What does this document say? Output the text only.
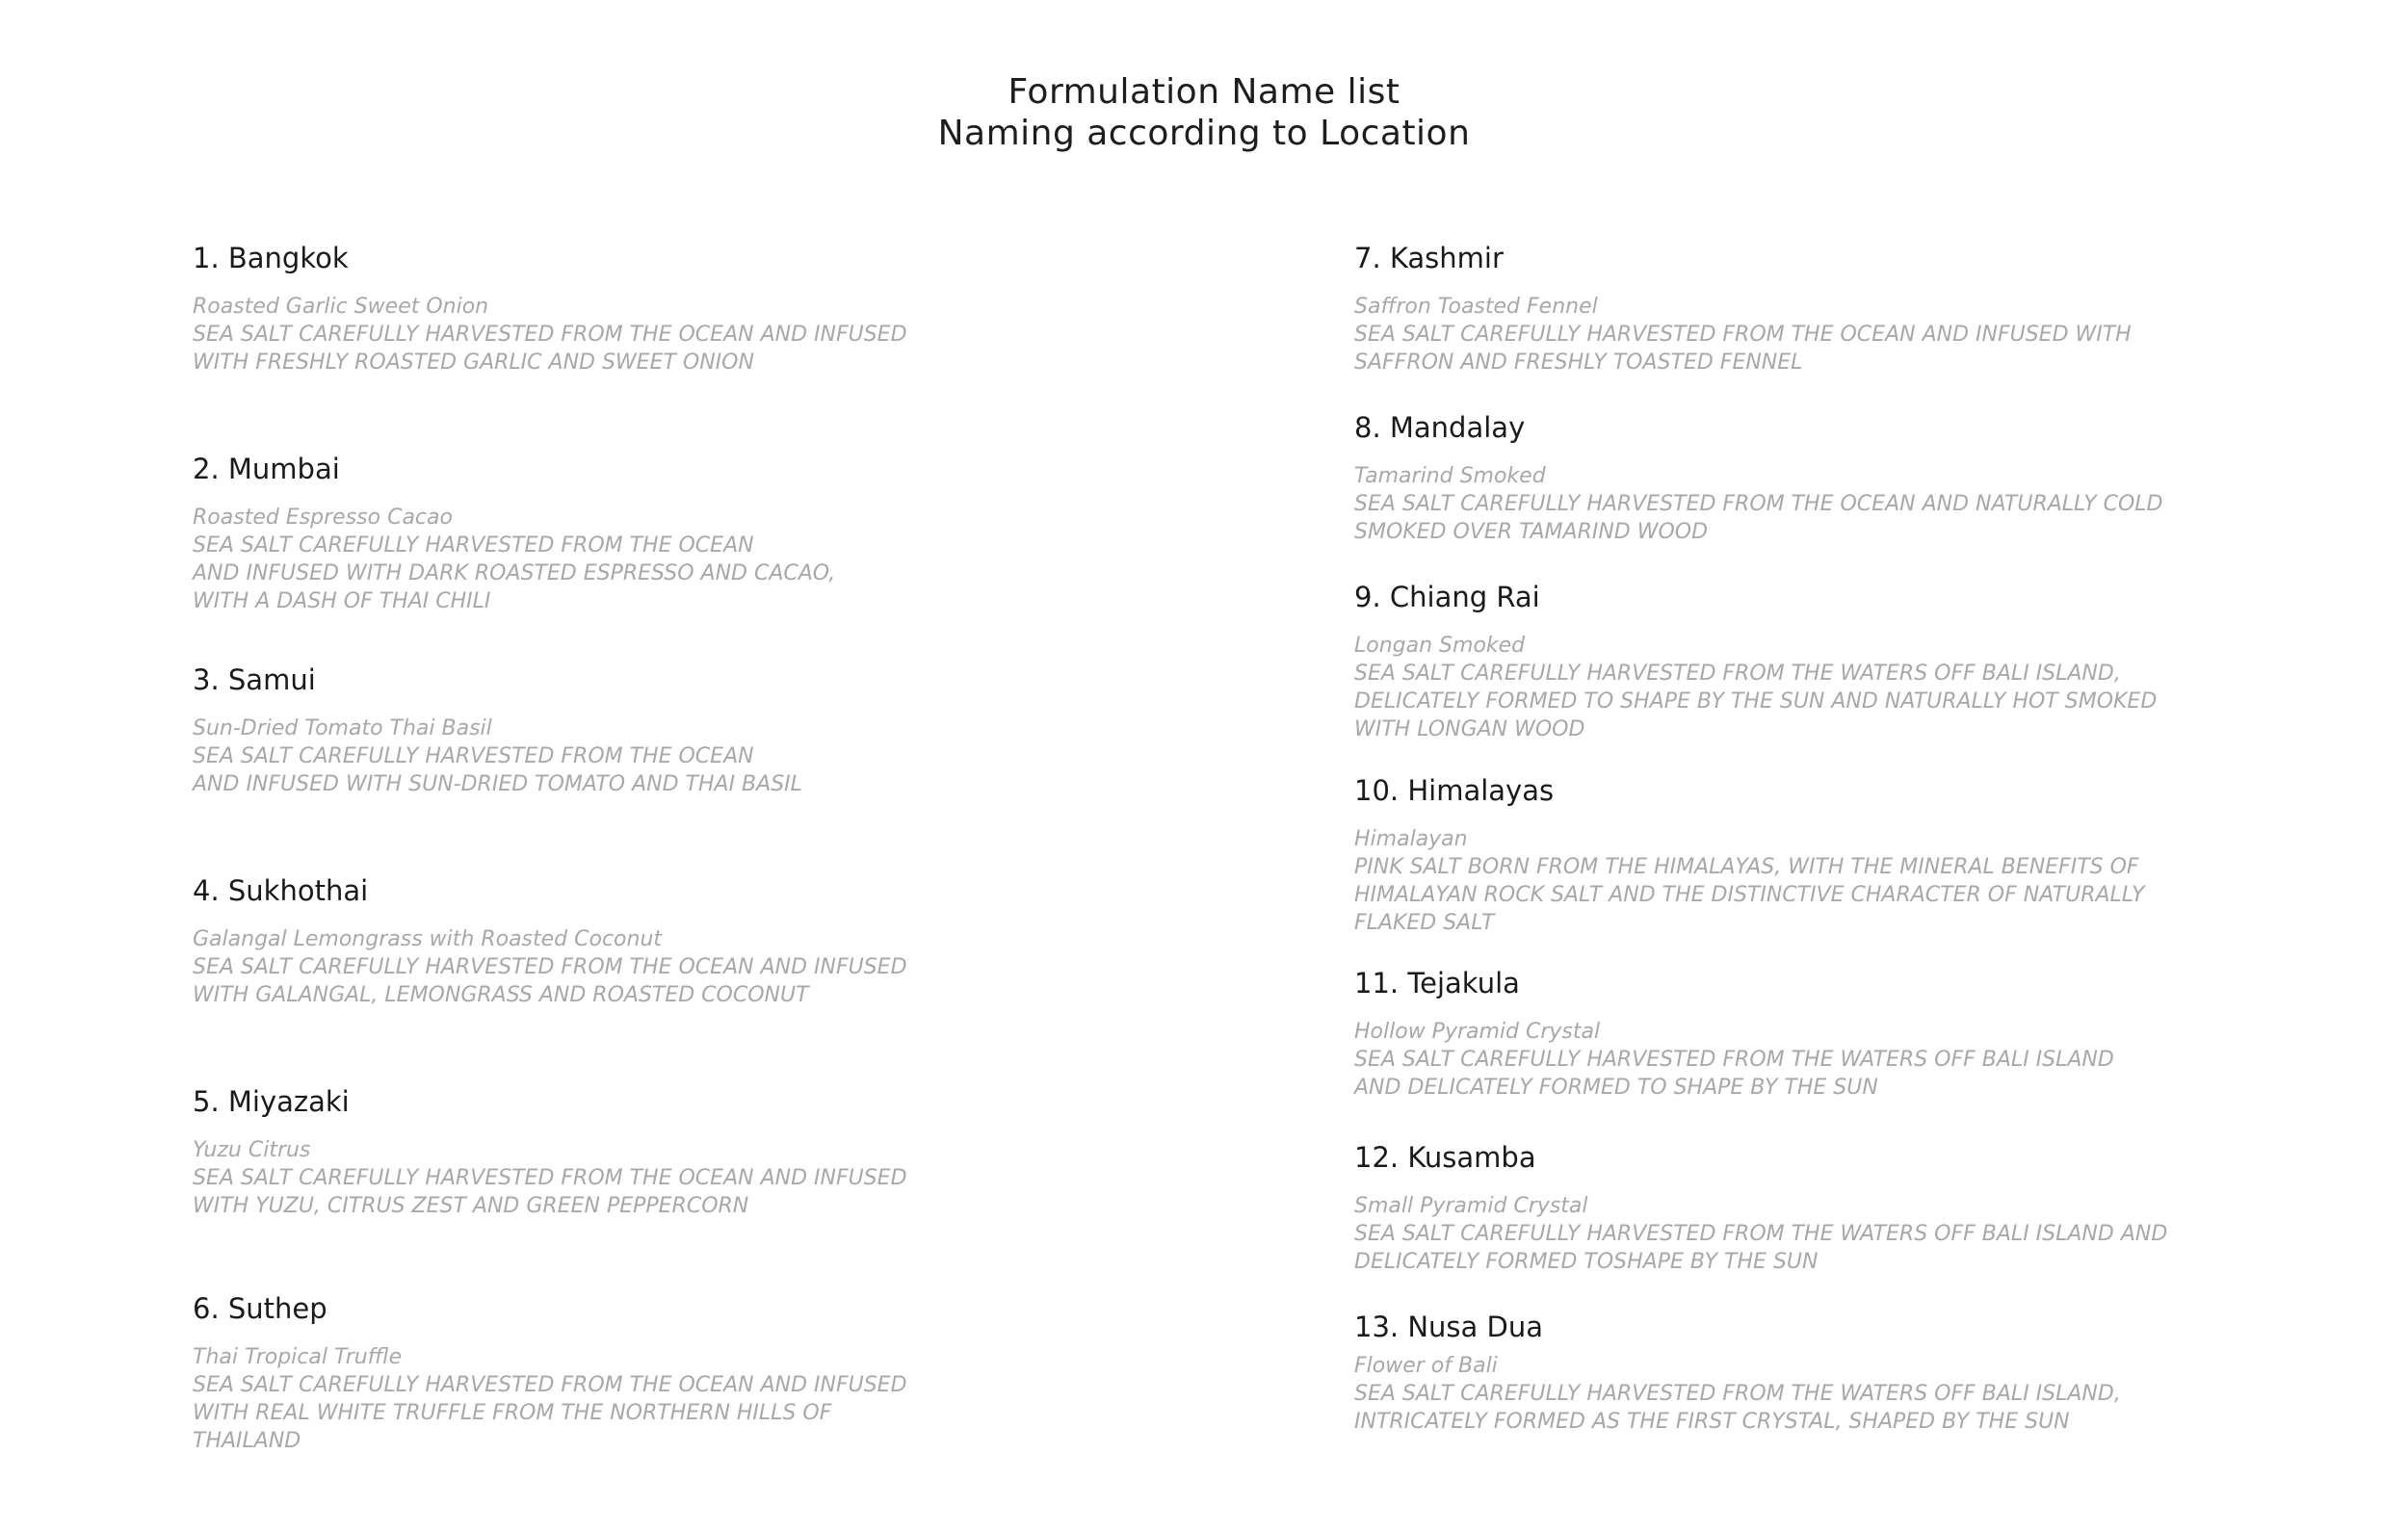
Formulation Name list
Naming according to Location
1. Bangkok
Roasted Garlic Sweet Onion
SEA SALT CAREFULLY HARVESTED FROM THE OCEAN AND INFUSED
WITH FRESHLY ROASTED GARLIC AND SWEET ONION
2. Mumbai
Roasted Espresso Cacao
SEA SALT CAREFULLY HARVESTED FROM THE OCEAN
AND INFUSED WITH DARK ROASTED ESPRESSO AND CACAO,
WITH A DASH OF THAI CHILI
3. Samui
Sun-Dried Tomato Thai Basil
SEA SALT CAREFULLY HARVESTED FROM THE OCEAN
AND INFUSED WITH SUN-DRIED TOMATO AND THAI BASIL
4. Sukhothai
Galangal Lemongrass with Roasted Coconut
SEA SALT CAREFULLY HARVESTED FROM THE OCEAN AND INFUSED
WITH GALANGAL, LEMONGRASS AND ROASTED COCONUT
5. Miyazaki
Yuzu Citrus
SEA SALT CAREFULLY HARVESTED FROM THE OCEAN AND INFUSED
WITH YUZU, CITRUS ZEST AND GREEN PEPPERCORN
6. Suthep
Thai Tropical Truffle
SEA SALT CAREFULLY HARVESTED FROM THE OCEAN AND INFUSED
WITH REAL WHITE TRUFFLE FROM THE NORTHERN HILLS OF
THAILAND
7. Kashmir
Saffron Toasted Fennel
SEA SALT CAREFULLY HARVESTED FROM THE OCEAN AND INFUSED WITH
SAFFRON AND FRESHLY TOASTED FENNEL
8. Mandalay
Tamarind Smoked
SEA SALT CAREFULLY HARVESTED FROM THE OCEAN AND NATURALLY COLD
SMOKED OVER TAMARIND WOOD
9. Chiang Rai
Longan Smoked
SEA SALT CAREFULLY HARVESTED FROM THE WATERS OFF BALI ISLAND,
DELICATELY FORMED TO SHAPE BY THE SUN AND NATURALLY HOT SMOKED
WITH LONGAN WOOD
10. Himalayas
Himalayan
PINK SALT BORN FROM THE HIMALAYAS, WITH THE MINERAL BENEFITS OF
HIMALAYAN ROCK SALT AND THE DISTINCTIVE CHARACTER OF NATURALLY
FLAKED SALT
11. Tejakula
Hollow Pyramid Crystal
SEA SALT CAREFULLY HARVESTED FROM THE WATERS OFF BALI ISLAND
AND DELICATELY FORMED TO SHAPE BY THE SUN
12. Kusamba
Small Pyramid Crystal
SEA SALT CAREFULLY HARVESTED FROM THE WATERS OFF BALI ISLAND AND
DELICATELY FORMED TOSHAPE BY THE SUN
13. Nusa Dua
Flower of Bali
SEA SALT CAREFULLY HARVESTED FROM THE WATERS OFF BALI ISLAND,
INTRICATELY FORMED AS THE FIRST CRYSTAL, SHAPED BY THE SUN
